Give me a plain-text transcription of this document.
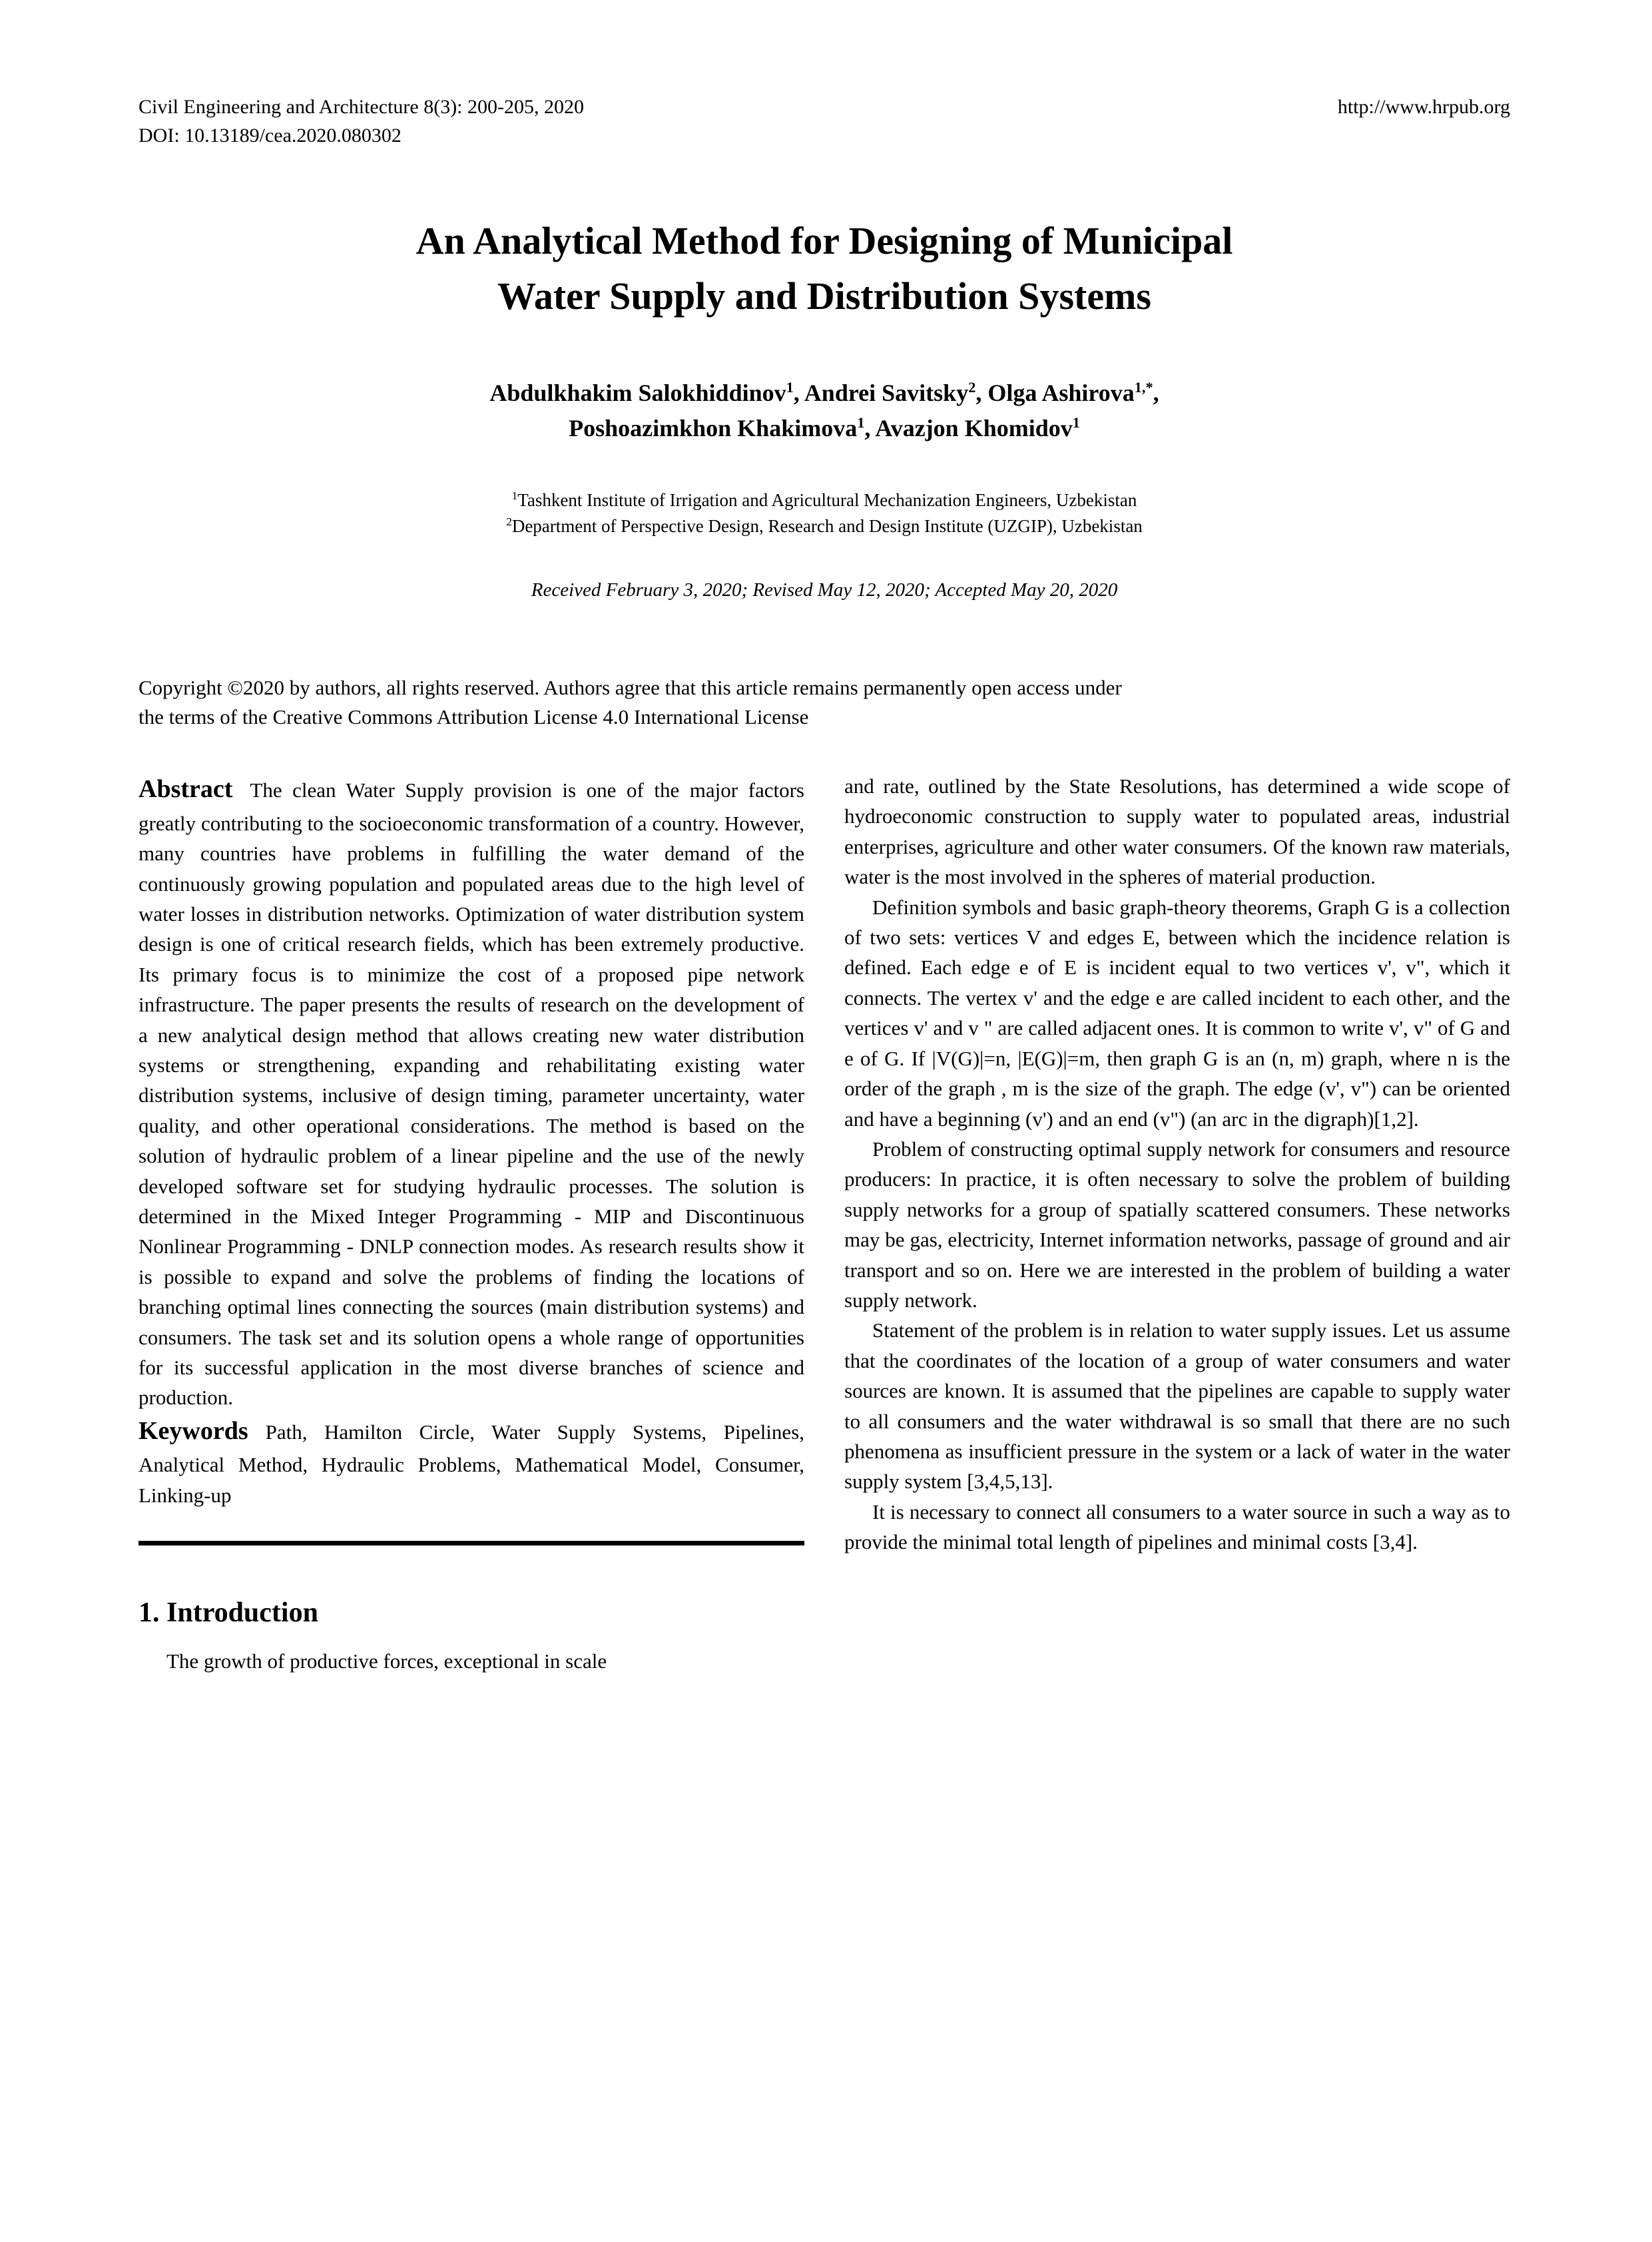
Civil Engineering and Architecture 8(3): 200-205, 2020
DOI: 10.13189/cea.2020.080302
http://www.hrpub.org
An Analytical Method for Designing of Municipal
Water Supply and Distribution Systems
Abdulkhakim Salokhiddinov$^1$, Andrei Savitsky$^2$, Olga Ashirova$^{1,*}$,
Poshoazimkhon Khakimova$^1$, Avazjon Khomidov$^1$
$^1$Tashkent Institute of Irrigation and Agricultural Mechanization Engineers, Uzbekistan
$^2$Department of Perspective Design, Research and Design Institute (UZGIP), Uzbekistan
Received February 3, 2020; Revised May 12, 2020; Accepted May 20, 2020
Copyright ©2020 by authors, all rights reserved. Authors agree that this article remains permanently open access under
the terms of the Creative Commons Attribution License 4.0 International License

Abstract The clean Water Supply provision is one of the major factors greatly contributing to the socioeconomic transformation of a country. However, many countries have problems in fulfilling the water demand of the continuously growing population and populated areas due to the high level of water losses in distribution networks. Optimization of water distribution system design is one of critical research fields, which has been extremely productive. Its primary focus is to minimize the cost of a proposed pipe network infrastructure. The paper presents the results of research on the development of a new analytical design method that allows creating new water distribution systems or strengthening, expanding and rehabilitating existing water distribution systems, inclusive of design timing, parameter uncertainty, water quality, and other operational considerations. The method is based on the solution of hydraulic problem of a linear pipeline and the use of the newly developed software set for studying hydraulic processes. The solution is determined in the Mixed Integer Programming - MIP and Discontinuous Nonlinear Programming - DNLP connection modes. As research results show it is possible to expand and solve the problems of finding the locations of branching optimal lines connecting the sources (main distribution systems) and consumers. The task set and its solution opens a whole range of opportunities for its successful application in the most diverse branches of science and production.

Keywords Path, Hamilton Circle, Water Supply Systems, Pipelines, Analytical Method, Hydraulic Problems, Mathematical Model, Consumer, Linking-up

1. Introduction

The growth of productive forces, exceptional in scale

and rate, outlined by the State Resolutions, has determined a wide scope of hydroeconomic construction to supply water to populated areas, industrial enterprises, agriculture and other water consumers. Of the known raw materials, water is the most involved in the spheres of material production.

Definition symbols and basic graph-theory theorems, Graph G is a collection of two sets: vertices V and edges E, between which the incidence relation is defined. Each edge e of E is incident equal to two vertices v', v", which it connects. The vertex v' and the edge e are called incident to each other, and the vertices v' and v " are called adjacent ones. It is common to write v', v" of G and e of G. If |V(G)|=n, |E(G)|=m, then graph G is an (n, m) graph, where n is the order of the graph , m is the size of the graph. The edge (v', v") can be oriented and have a beginning (v') and an end (v") (an arc in the digraph)[1,2].

Problem of constructing optimal supply network for consumers and resource producers: In practice, it is often necessary to solve the problem of building supply networks for a group of spatially scattered consumers. These networks may be gas, electricity, Internet information networks, passage of ground and air transport and so on. Here we are interested in the problem of building a water supply network.

Statement of the problem is in relation to water supply issues. Let us assume that the coordinates of the location of a group of water consumers and water sources are known. It is assumed that the pipelines are capable to supply water to all consumers and the water withdrawal is so small that there are no such phenomena as insufficient pressure in the system or a lack of water in the water supply system [3,4,5,13].

It is necessary to connect all consumers to a water source in such a way as to provide the minimal total length of pipelines and minimal costs [3,4].
